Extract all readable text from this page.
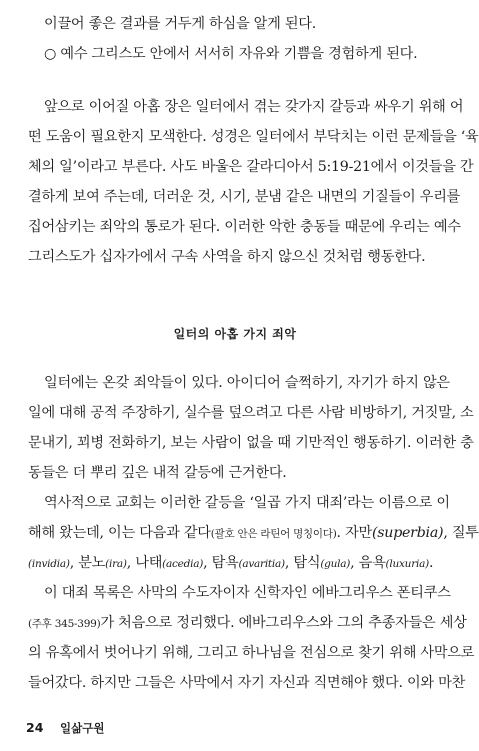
이끌어 좋은 결과를 거두게 하심을 알게 된다.
○ 예수 그리스도 안에서 서서히 자유와 기쁨을 경험하게 된다.
앞으로 이어질 아홉 장은 일터에서 겪는 갖가지 갈등과 싸우기 위해 어
떤 도움이 필요한지 모색한다. 성경은 일터에서 부닥치는 이런 문제들을 ‘육
체의 일’이라고 부른다. 사도 바울은 갈라디아서 5:19-21에서 이것들을 간
결하게 보여 주는데, 더러운 것, 시기, 분냄 같은 내면의 기질들이 우리를
집어삼키는 죄악의 통로가 된다. 이러한 악한 충동들 때문에 우리는 예수
그리스도가 십자가에서 구속 사역을 하지 않으신 것처럼 행동한다.
일터의 아홉 가지 죄악
일터에는 온갖 죄악들이 있다. 아이디어 슬쩍하기, 자기가 하지 않은
일에 대해 공적 주장하기, 실수를 덮으려고 다른 사람 비방하기, 거짓말, 소
문내기, 꾀병 전화하기, 보는 사람이 없을 때 기만적인 행동하기. 이러한 충
동들은 더 뿌리 깊은 내적 갈등에 근거한다.
역사적으로 교회는 이러한 갈등을 ‘일곱 가지 대죄’라는 이름으로 이
해해 왔는데, 이는 다음과 같다(괄호 안은 라틴어 명칭이다). 자만(superbia), 질투
(invidia), 분노(ira), 나태(acedia), 탐욕(avaritia), 탐식(gula), 음욕(luxuria).
이 대죄 목록은 사막의 수도자이자 신학자인 에바그리우스 폰티쿠스
(주후 345-399)가 처음으로 정리했다. 에바그리우스와 그의 추종자들은 세상
의 유혹에서 벗어나기 위해, 그리고 하나님을 전심으로 찾기 위해 사막으로
들어갔다. 하지만 그들은 사막에서 자기 자신과 직면해야 했다. 이와 마찬
24 일삶구원
